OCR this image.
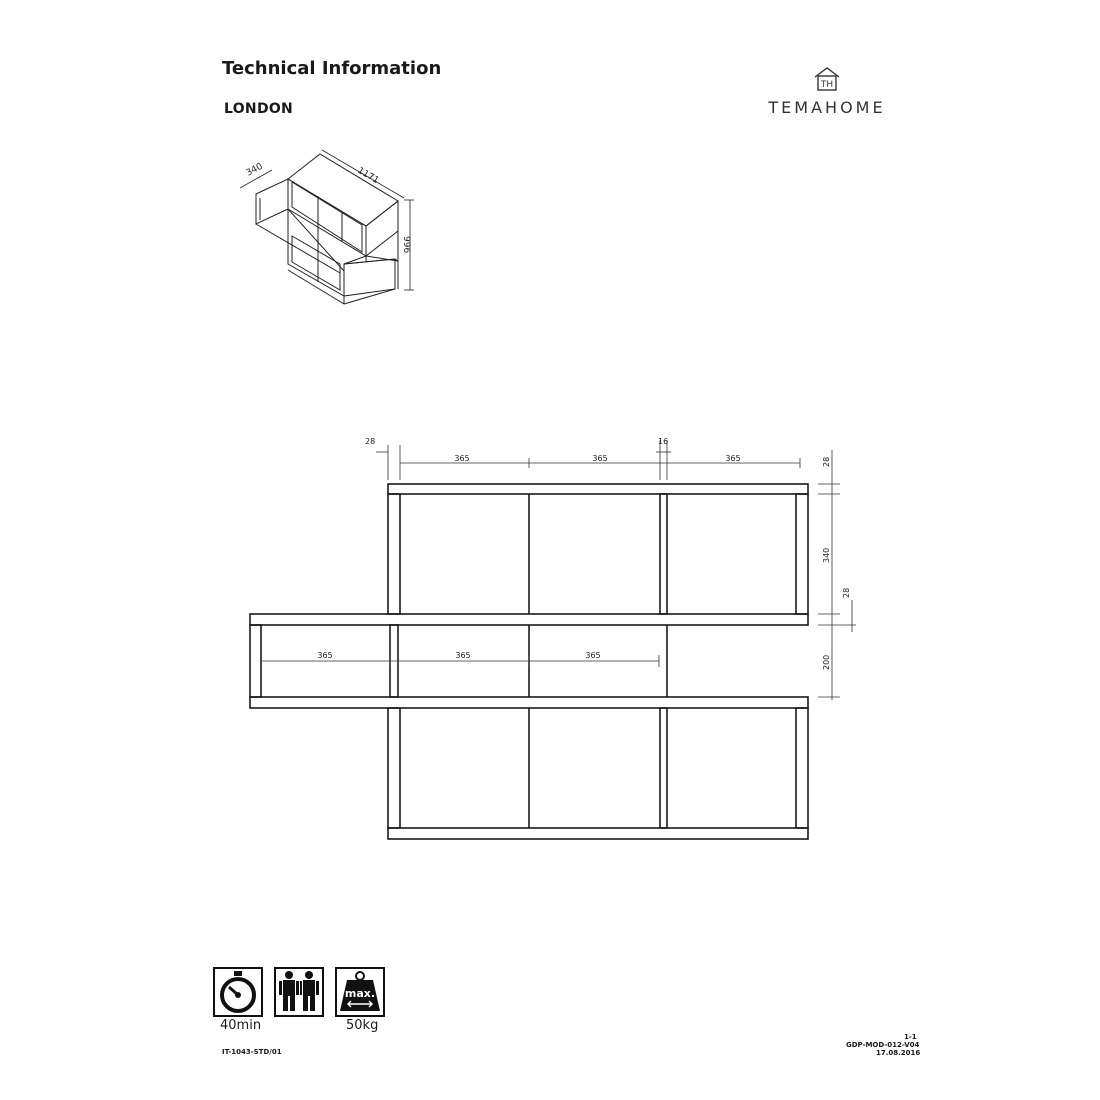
Technical Information
LONDON
TH
TEMAHOME
340	1171
996
28
365	365
16
365
365	365	365
28
340
28
200
40min
max.
50kg
IT-1043-STD/01
1-1
GDP-MOD-012-V04
17.08.2016
